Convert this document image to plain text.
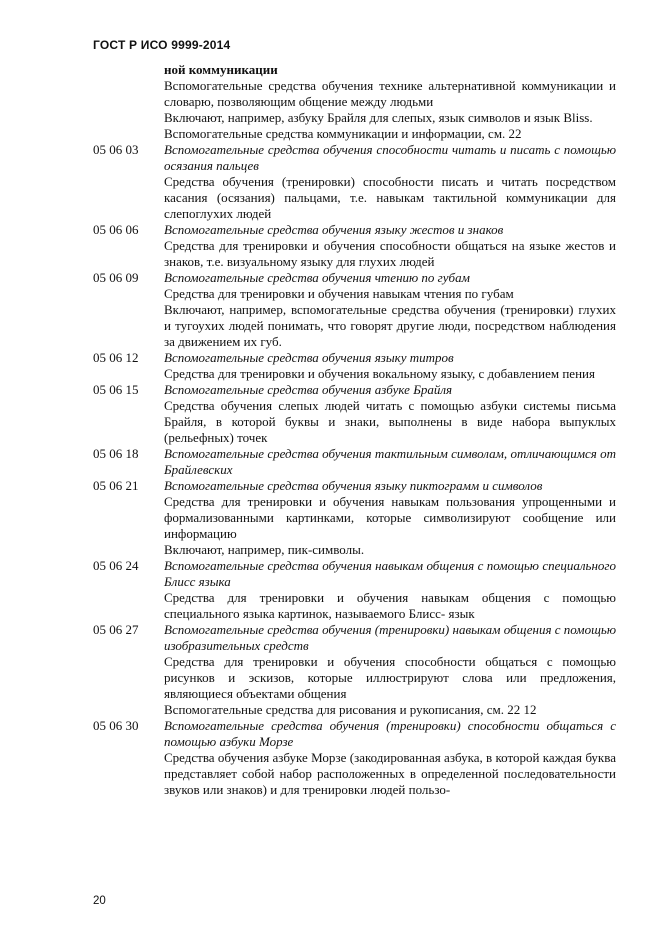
ГОСТ Р ИСО 9999-2014

ной коммуникации

Вспомогательные средства обучения технике альтернативной коммуникации и словарю, позволяющим общение между людьми

Включают, например, азбуку Брайля для слепых, язык символов и язык Bliss.

Вспомогательные средства коммуникации и информации, см. 22

05 06 03	Вспомогательные средства обучения способности читать и писать с помощью осязания пальцев

Средства обучения (тренировки) способности писать и читать посредством касания (осязания) пальцами, т.е. навыкам тактильной коммуникации для слепоглухих людей

05 06 06	Вспомогательные средства обучения языку жестов и знаков

Средства для тренировки и обучения способности общаться на языке жестов и знаков, т.е. визуальному языку для глухих людей

05 06 09	Вспомогательные средства обучения чтению по губам

Средства для тренировки и обучения навыкам чтения по губам

Включают, например, вспомогательные средства обучения (тренировки) глухих и тугоухих людей понимать, что говорят другие люди, посредством наблюдения за движением их губ.

05 06 12	Вспомогательные средства обучения языку титров

Средства для тренировки и обучения вокальному языку, с добавлением пения

05 06 15	Вспомогательные средства обучения азбуке Брайля

Средства обучения слепых людей читать с помощью азбуки системы письма Брайля, в которой буквы и знаки, выполнены в виде набора выпуклых (рельефных) точек

05 06 18	Вспомогательные средства обучения тактильным символам, отличающимся от Брайлевских

05 06 21	Вспомогательные средства обучения языку пиктограмм и символов

Средства для тренировки и обучения навыкам пользования упрощенными и формализованными картинками, которые символизируют сообщение или информацию

Включают, например, пик-символы.

05 06 24	Вспомогательные средства обучения навыкам общения с помощью специального Блисс языка

Средства для тренировки и обучения навыкам общения с помощью специального языка картинок, называемого Блисс- язык

05 06 27	Вспомогательные средства обучения (тренировки) навыкам общения с помощью изобразительных средств

Средства для тренировки и обучения способности общаться с помощью рисунков и эскизов, которые иллюстрируют слова или предложения, являющиеся объектами общения

Вспомогательные средства для рисования и рукописания, см. 22 12

05 06 30	Вспомогательные средства обучения (тренировки) способности общаться с помощью азбуки Морзе

Средства обучения азбуке Морзе (закодированная азбука, в которой каждая буква представляет собой набор расположенных в определенной последовательности звуков или знаков) и для тренировки людей пользо-

20
